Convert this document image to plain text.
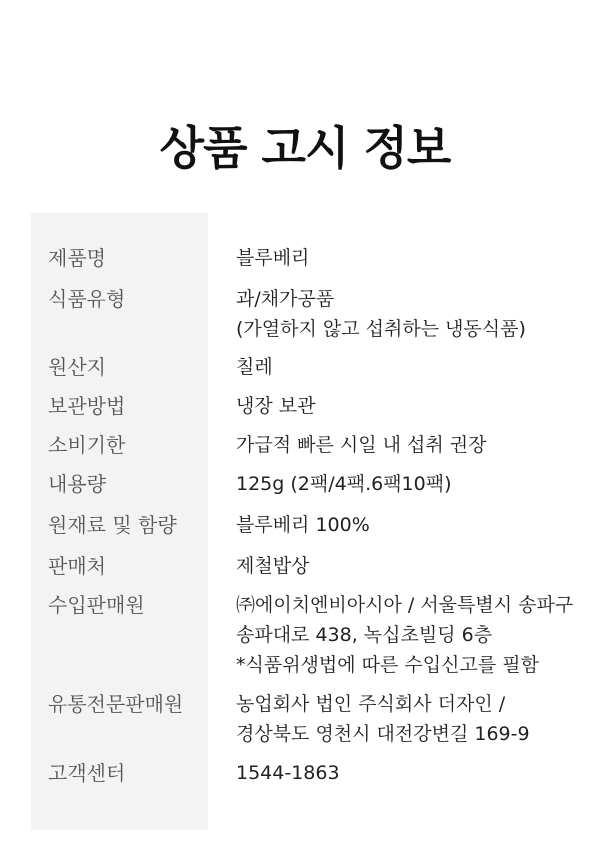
상품 고시 정보
제품명	블루베리
식품유형	과/채가공품
(가열하지 않고 섭취하는 냉동식품)
원산지	칠레
보관방법	냉장 보관
소비기한	가급적 빠른 시일 내 섭취 권장
내용량	125g (2팩/4팩.6팩10팩)
원재료 및 함량	블루베리 100%
판매처	제철밥상
수입판매원	㈜에이치엔비아시아 / 서울특별시 송파구
송파대로 438, 녹십초빌딩 6층
*식품위생법에 따른 수입신고를 필함
유통전문판매원	농업회사 법인 주식회사 더자인 /
경상북도 영천시 대전강변길 169-9
고객센터	1544-1863
